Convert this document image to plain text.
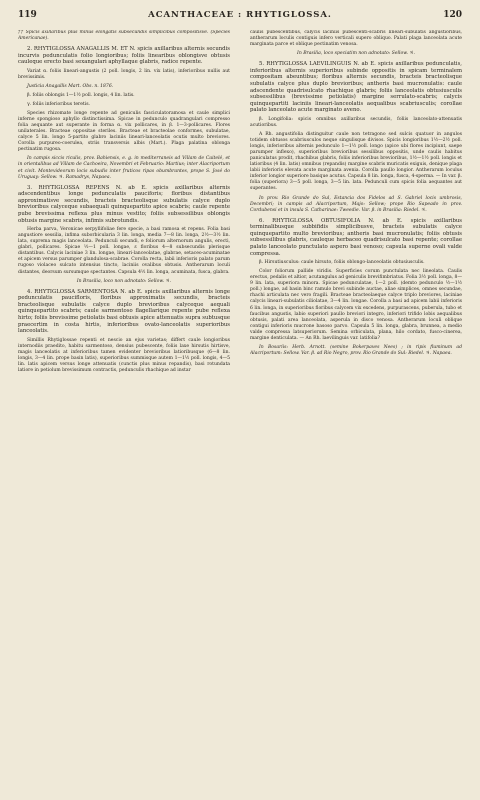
119	ACANTHACEAE : RHYTIGLOSSA.	120

†† Spicis axillaribus plus minus elongatis subsecundis simplicibus compositisve. (Species Americanae).

2. RHYTIGLOSSA ANAGALLIS M. ET N. spicis axillaribus alternis secundis incurvis pedunculatis folio longioribus; foliis linearibus oblongisve obtusis cauleque erecto basi sexangulari aphyllaque glabris, radice repente.

Variat α. foliis lineari-angustis (2 poll. longis, 2 lin. vix latis), inferioribus nullis aut brevissimis.

Justicia Anagallis Mart. Obs. n. 1876.

β. foliis oblongis 1—1½ poll. longis, 4 lin. latis.

γ. foliis inferioribus teretis.

Species rhizomate longe repente ad geniculis fasciculatoramosa et caule simplici inferne spongioso aphyllo distinctissima. Spicae in pedunculo quadrangulari compresso folia aequante aut superante in forma α. vix pollicares, in β. 1—3-pollicares. Flores unilaterales. Bracteae oppositae steriles. Bracteae et bracteolae conformes, subulatae, calyce 5 lin. longo 5-partito glabro laciniis lineari-lanceolatis ocutis multo breviores. Corolla purpureo-coerulea, striis transversis albis (Mart.). Plaga palatina oblonga pectinatim rugosa.

In campis siccis riculis, prov. Bahiensis, e. g. in mediterraneis ad Villam de Caitelé, et in orientalibus ad Villam de Cachoeira, Novembri et Februario: Martius; inter Alacriportum et civit. Montevideorum locis subudis inter fruticos ripas obumbrantes, prope S. José do Uruguay: Sellow. ♃. Ramadrys, Napaea.

3. RHYTIGLOSSA REPENS N. ab E. spicis axillaribus alternis adscendentibus longe pedunculatis pauciforis; floribus distantibus approximatisve secundis, bracteis bracteolisque subulatis calyce duplo brevioribus calyceque subaequali quinquepartito apice scabris; caule repente pube brevissima reflexa plus minus vestito; foliis subsessilibus oblongis obtusis margine scabris, infimis subrotundis.

Herba parva, Veronicae serpyllifoliae fere specie, a basi ramosa et repens. Folia basi angustiore sessilia, infima suborbicularia 3 lin. longa, media 7—8 lin. longa, 2½—3½ lin. lata, suprema magis lanceolata. Pedunculi secundi, e foliorum alternorum angulis, erecti, glabri, pollicares. Spicae ½—1 poll. longae, ε floribus 4—8 subsecundis plerisque distantibus. Calycis laciniae 3 lin. longae, lineari-lanceolatae, glabrae, setaceo-acuminatae et apicem versus parumper glandulosa-scabrae. Corolla recta, labii inferioris palato parum rugoso violaceo sulcato intensius tincto, laciniis ovalibus obtusis. Antherarum loculi distantes, deorsum sursumque spectantes. Capsula 4½ lin. longa, acuminata, fusca, glabra.

In Brasilia, loco non adnotato: Sellow. ♃.

4. RHYTIGLOSSA SARMENTOSA N. ab E. spicis axillaribus alternis longe pedunculatis paucifloris, floribus approximatis secundis, bracteis bracteolisque subulatis calyce duplo brevioribus calyceque aequali quinquepartito scabris; caule sarmentoso flagellarique repente pube reflexa hirto; foliis brevissime petiolatis basi obtusis apice attenuatis supra subtusque praecertim in costa hirtis, inferioribus ovato-lanceolatis superioribus lanceolatis.

Simillis Rhytiglossae repenti et nescio an ejus varietas; differt caule longioribus internodiis praedito, habitu sarmentoso, densius pubescente, foliis laxe hirsutis hirtisve, magis lanceolatis at inferioribus tamen evidenter brevioribus latioribusque (6—8 lin. longis, 3—4 lin. prope basin latis), superioribus summisque autem 1—1½ poll. longis, 4—5 lin. latis apicem versus longe attenuatis (cunctis plus minus repandis), basi rotundata latiore in petiolum brevissimum contractis, pedunculis rhachique ad instar

caulis pubescentibus, calycis laciniis pubescenti-scabris lineari-subulatis angustioribus, antherarum loculis contiguis infero verticali supero obliquo. Palati plaga lanceolata acute marginata parce et oblique pectinatim venosa.

In Brasilia, loco speciatim non adnotato: Sellow. ♃.

5. RHYTIGLOSSA LAEVILINGUIS N. ab E. spicis axillaribus pedunculatis, inferioribus alternis superioribus subinde oppositis in spicam terminalem compositam abeuntibus; floribus alternis secundis, bracteis bracteolisque subulatis calyce plus duplo brevioribus; antheris basi mucronulatis: caule adscendente quadrisulcato rhachique glabris; foliis lanceolatis obtusiusculis subsessilibus (brevissime petiolatis) margine serrulato-scabris; calycis quinquepartiti laciniis lineari-lanceolatis aequalibus scabriusculis; corollae palato lanceolato acute marginato aveno.

β. Longifolia: spicis omnibus axillaribus secundis, foliis lanceolato-attenuatis acutioribus.

A Rh. angustifolia distinguitur caule non tetragono sed sulcis quatuor in angulos totidem obtusos scabriusculos neque singulisque divisos. Spicis longioribus 1½—2½ poll. longis, inferioribus alternis pedunculo 1—1½ poll. longo (apice ubi flores incipiunt, saepe parumper inflexo), superioribus brevioribus sessilibus oppositis, unde caulis habitus paniculatus prodit, rhachibus glabris, foliis inferioribus brevioribus, 1½—1½ poll. longis et latioribus (4 lin. latis) omnibus (repandis) margine scabris muricatis exiguis, denique plaga labii inferioris elevata acute marginata avenia. Corolla paullo longior. Antherarum loculus inferior longior superiore basique acutus. Capsula 8 lin. longa, fusca, 4-sperma. — In var. β. folia (superiora) 3—5 poll. longa, 3—5 lin. lata. Pedunculi cum spicis folia aequantes aut superantes.

In prov. Rio Grande do Sul, Estancia dos Fidelos ad S. Gabriel locis umbrosis, Decembri; in campis ad Alacriportum, Majo: Sellow; prope Rio Sapeado in prov. Cordubensi et in insula S. Catharinae: Tweedie. Var. β. in Brasilia: Riedel. ♃.

6. RHYTIGLOSSA OBTUSIFOLIA N. ab E. spicis axillaribus terminalibusque subbifidis simplicibusve, bracteis subulatis calyce quinquepartito multo brevioribus; antheris basi mucronulatis; foliis obtusis subsessilibus glabris, cauleque herbaceo quadrisulcato basi repente; corollae palato lanceolato punctulato aspero basi venoso; capsula superne ovali valde compressa.

β. Hirsutiusculus: caule hirsuto, foliis oblongo-lanceolatis obtusiusculis.

Color foliorum pallide viridis. Superficies corum punctulata nec lineolata. Caulis erectus, pedalis et altior, acutangulus ad geniculis brevifimbriatus. Folia 3½ poll. longa, 8—9 lin. lata, superiora minora. Spicae pedunculatae, 1—2 poll. (demto pedunculo ½—1½ poll.) longae, ad basin binc ramulo brevi subinde auctae, aliae simplices, omnes secundae, rhachi articulata nec vero fragili. Bracteae bracteolaeque calyce triplo breviores, laciniae calycis lineari-subulatis ciliolatae, 3—4 lin. longae. Corolla a basi ad apicem labii inferioris 6 lin. longa, in superioribus floribus calycem vix excedens, purpurascens, puberula, tubo et faucibus angustis, labio superiori paullo breviori integro, inferiori trifido lobis aequalibus obtusis, palati area lanceolata, asperula in disco venosa. Antherarum loculi oblique contigui inferioris mucrone basoso parvo. Capsula 5 lin. longa, glabra, brunnea, a medio valde compressa latsuperiorum. Semina orbiculata, plana, hilo cordato, fusco-cinerea, margine denticulata. — An Rh. laevilinguis var. latifolia?

In Bosariis: Herb. Arnott. (semine Bokerpaves Nees) ; in ripis fluminum ad Alacriportum: Sellow. Var. β. ad Rio Negro, prov. Rio Grande do Sul: Riedel. ♃. Napaea.
